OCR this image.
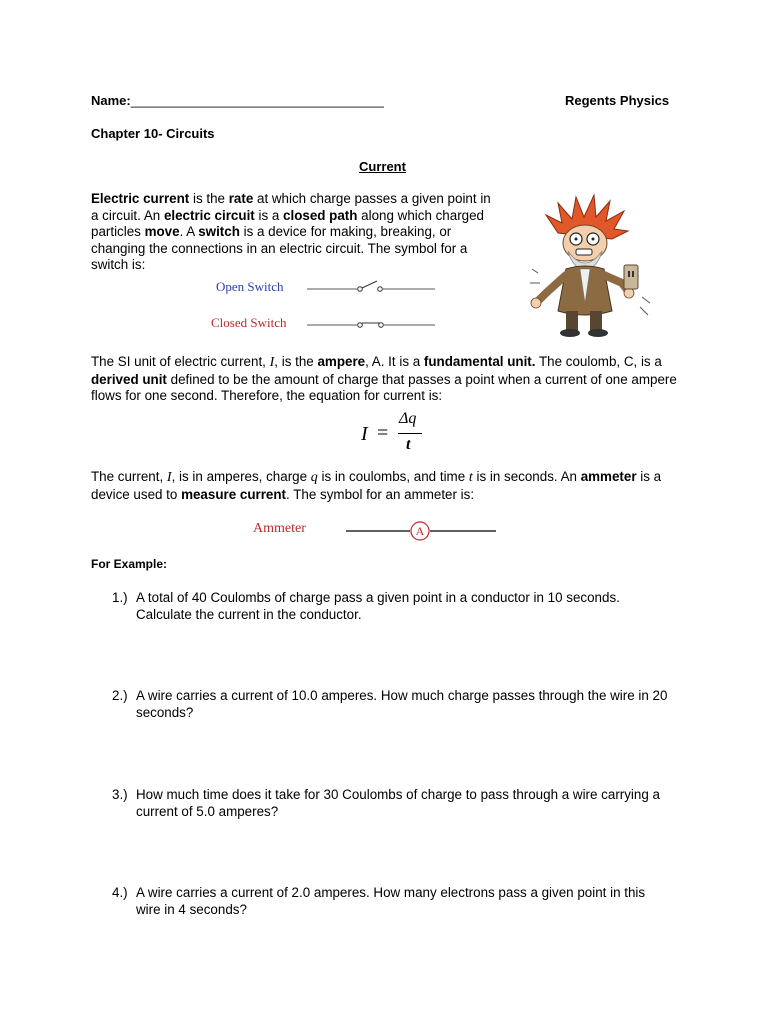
Name:___________________________________	Regents Physics
Chapter 10- Circuits
Current
Electric current is the rate at which charge passes a given point in a circuit. An electric circuit is a closed path along which charged particles move. A switch is a device for making, breaking, or changing the connections in an electric circuit. The symbol for a switch is:
Open Switch
Closed Switch
The SI unit of electric current, I, is the ampere, A. It is a fundamental unit. The coulomb, C, is a derived unit defined to be the amount of charge that passes a point when a current of one ampere flows for one second. Therefore, the equation for current is:
I =
Δq
t
The current, I, is in amperes, charge q is in coulombs, and time t is in seconds. An ammeter is a device used to measure current. The symbol for an ammeter is:
Ammeter	A
For Example:
1.) A total of 40 Coulombs of charge pass a given point in a conductor in 10 seconds. Calculate the current in the conductor.
2.) A wire carries a current of 10.0 amperes. How much charge passes through the wire in 20 seconds?
3.) How much time does it take for 30 Coulombs of charge to pass through a wire carrying a current of 5.0 amperes?
4.) A wire carries a current of 2.0 amperes. How many electrons pass a given point in this wire in 4 seconds?
